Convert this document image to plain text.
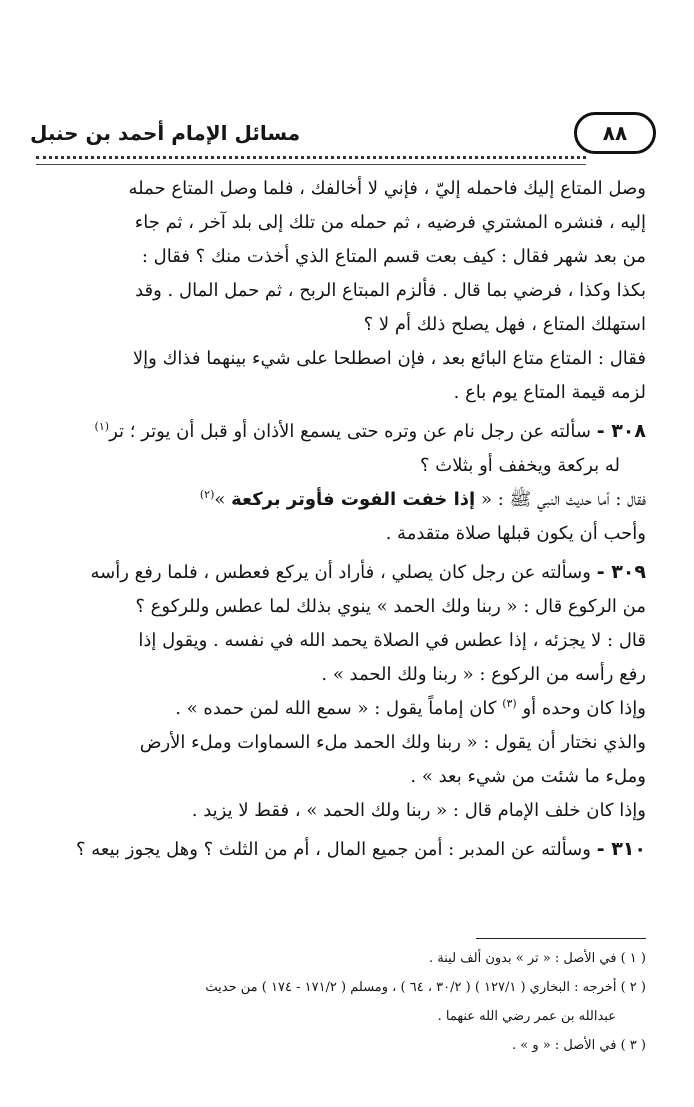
مسائل الإمام أحمد بن حنبل	٨٨

وصل المتاع إليك فاحمله إليّ ، فإني لا أخالفك ، فلما وصل المتاع حمله

إليه ، فنشره المشتري فرضيه ، ثم حمله من تلك إلى بلد آخر ، ثم جاء

من بعد شهر فقال : كيف بعت قسم المتاع الذي أخذت منك ؟ فقال :

بكذا وكذا ، فرضي بما قال . فألزم المبتاع الربح ، ثم حمل المال . وقد

استهلك المتاع ، فهل يصلح ذلك أم لا ؟

فقال : المتاع متاع البائع بعد ، فإن اصطلحا على شيء بينهما فذاك وإلا

لزمه قيمة المتاع يوم باع .

٣٠٨ - سألته عن رجل نام عن وتره حتى يسمع الأذان أو قبل أن يوتر ؛ تر$^{(١)}$

له بركعة ويخفف أو بثلاث ؟

فقال : أما حديث النبي ﷺ : « إذا خفت الفوت فأوتر بركعة »$^{(٢)}$

وأحب أن يكون قبلها صلاة متقدمة .

٣٠٩ - وسألته عن رجل كان يصلي ، فأراد أن يركع فعطس ، فلما رفع رأسه

من الركوع قال : « ربنا ولك الحمد » ينوي بذلك لما عطس وللركوع ؟

قال : لا يجزئه ، إذا عطس في الصلاة يحمد الله في نفسه . ويقول إذا

رفع رأسه من الركوع : « ربنا ولك الحمد » .

وإذا كان وحده أو $^{(٣)}$ كان إماماً يقول : « سمع الله لمن حمده » .

والذي نختار أن يقول : « ربنا ولك الحمد ملء السماوات وملء الأرض

وملء ما شئت من شيء بعد » .

وإذا كان خلف الإمام قال : « ربنا ولك الحمد » ، فقط لا يزيد .

٣١٠ - وسألته عن المدبر : أمن جميع المال ، أم من الثلث ؟ وهل يجوز بيعه ؟

( ١ ) في الأصل : « تر » بدون ألف لينة .

( ٢ ) أخرجه : البخاري ( ١٢٧/١ ) ( ٣٠/٢ ، ٦٤ ) ، ومسلم ( ١٧١/٢ - ١٧٤ ) من حديث

عبدالله بن عمر رضي الله عنهما .

( ٣ ) في الأصل : « و » .
